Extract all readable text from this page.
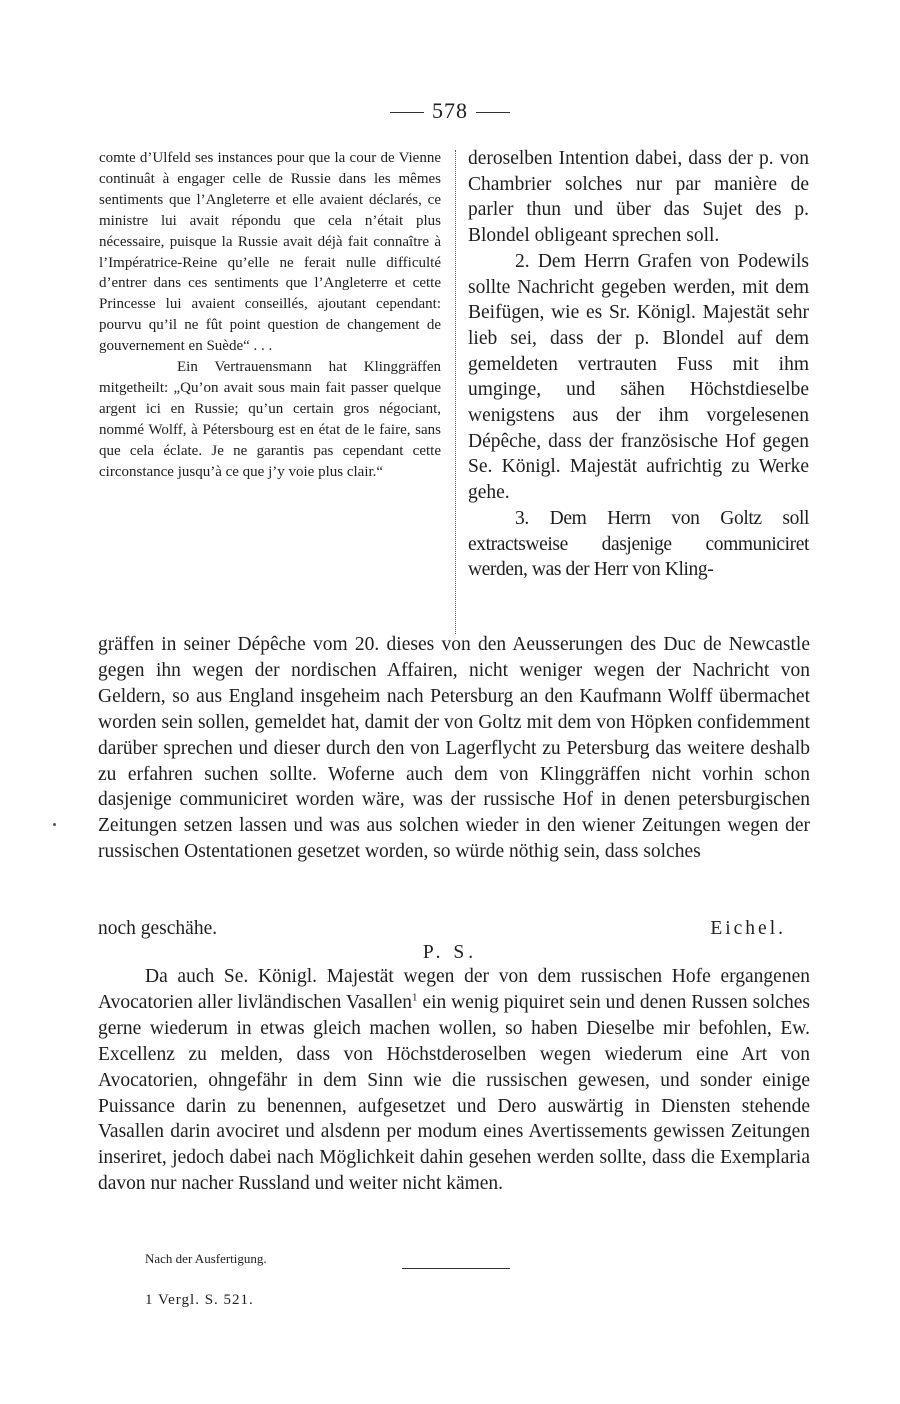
578

comte d’Ulfeld ses instances pour que la cour de Vienne continuât à engager celle de Russie dans les mêmes sentiments que l’Angleterre et elle avaient déclarés, ce ministre lui avait répondu que cela n’était plus nécessaire, puisque la Russie avait déjà fait connaître à l’Impératrice-Reine qu’elle ne ferait nulle difficulté d’entrer dans ces sentiments que l’Angleterre et cette Princesse lui avaient conseillés, ajoutant cependant: pourvu qu’il ne fût point question de changement de gouvernement en Suède“ . . .

Ein Vertrauensmann hat Klinggräffen mitgetheilt: „Qu’on avait sous main fait passer quelque argent ici en Russie; qu’un certain gros négociant, nommé Wolff, à Pétersbourg est en état de le faire, sans que cela éclate. Je ne garantis pas cependant cette circonstance jusqu’à ce que j’y voie plus clair.“

deroselben Intention dabei, dass der p. von Chambrier solches nur par manière de parler thun und über das Sujet des p. Blondel obligeant sprechen soll.

2. Dem Herrn Grafen von Podewils sollte Nachricht gegeben werden, mit dem Beifügen, wie es Sr. Königl. Majestät sehr lieb sei, dass der p. Blondel auf dem gemeldeten vertrauten Fuss mit ihm umginge, und sähen Höchstdieselbe wenigstens aus der ihm vorgelesenen Dépêche, dass der französische Hof gegen Se. Königl. Majestät aufrichtig zu Werke gehe.

3. Dem Herrn von Goltz soll extractsweise dasjenige communiciret werden, was der Herr von Kling-

gräffen in seiner Dépêche vom 20. dieses von den Aeusserungen des Duc de Newcastle gegen ihn wegen der nordischen Affairen, nicht weniger wegen der Nachricht von Geldern, so aus England insgeheim nach Petersburg an den Kaufmann Wolff übermachet worden sein sollen, gemeldet hat, damit der von Goltz mit dem von Höpken confidemment darüber sprechen und dieser durch den von Lagerflycht zu Petersburg das weitere deshalb zu erfahren suchen sollte. Woferne auch dem von Klinggräffen nicht vorhin schon dasjenige communiciret worden wäre, was der russische Hof in denen petersburgischen Zeitungen setzen lassen und was aus solchen wieder in den wiener Zeitungen wegen der russischen Ostentationen gesetzet worden, so würde nöthig sein, dass solches

noch geschähe.	Eichel.
P. S.

Da auch Se. Königl. Majestät wegen der von dem russischen Hofe ergangenen Avocatorien aller livländischen Vasallen$^1$ ein wenig piquiret sein und denen Russen solches gerne wiederum in etwas gleich machen wollen, so haben Dieselbe mir befohlen, Ew. Excellenz zu melden, dass von Höchstderoselben wegen wiederum eine Art von Avocatorien, ohngefähr in dem Sinn wie die russischen gewesen, und sonder einige Puissance darin zu benennen, aufgesetzet und Dero auswärtig in Diensten stehende Vasallen darin avociret und alsdenn per modum eines Avertissements gewissen Zeitungen inseriret, jedoch dabei nach Möglichkeit dahin gesehen werden sollte, dass die Exemplaria davon nur nacher Russland und weiter nicht kämen.

Nach der Ausfertigung.
1 Vergl. S. 521.
